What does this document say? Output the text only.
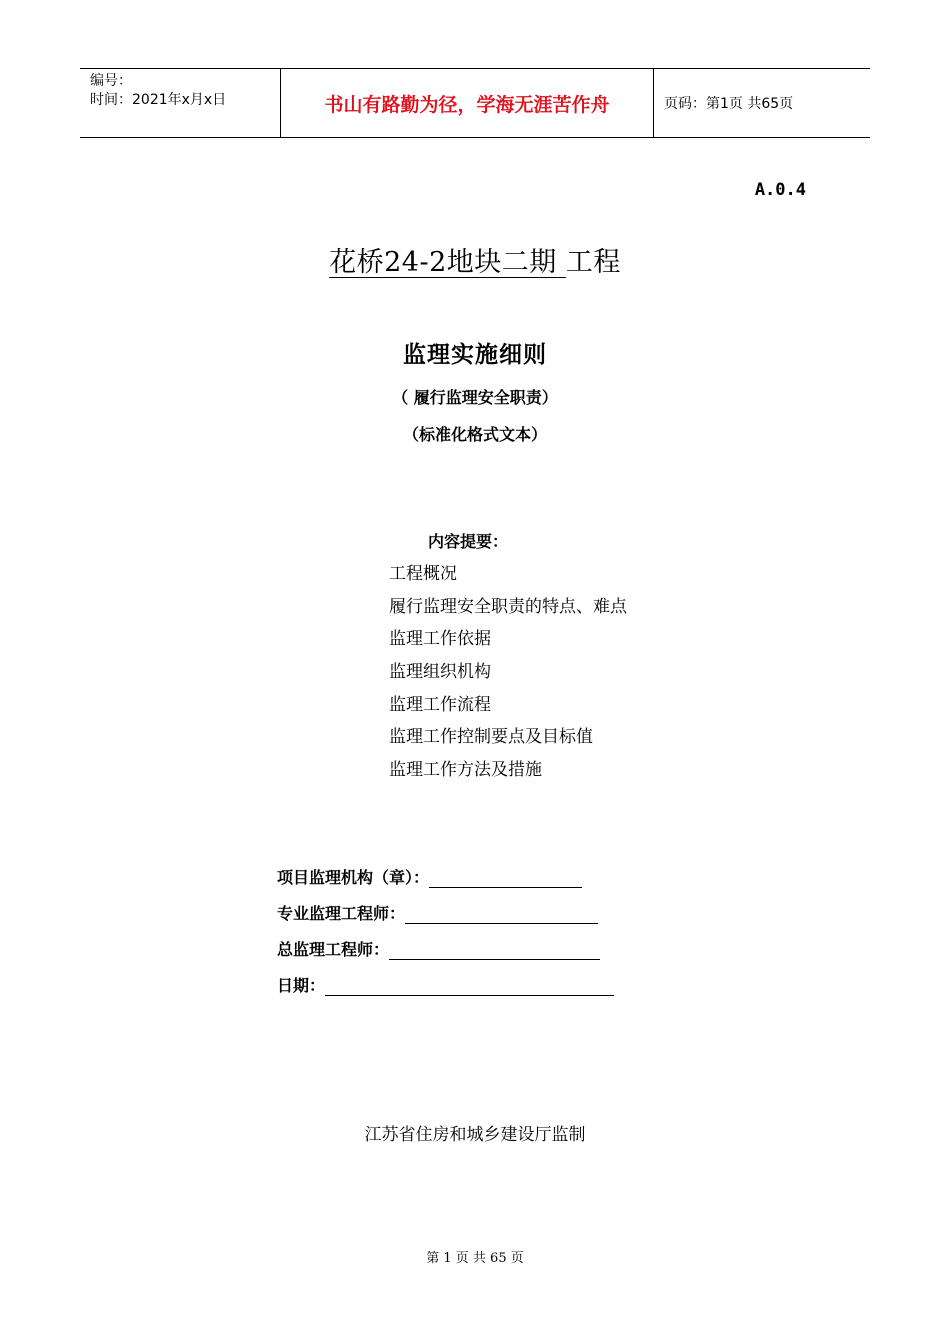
编号：
时间：2021年x月x日	书山有路勤为径，学海无涯苦作舟	页码：第1页 共65页
A.0.4
花桥24-2地块二期 工程
监理实施细则
（ 履行监理安全职责）
（标准化格式文本）
内容提要：
工程概况
履行监理安全职责的特点、难点
监理工作依据
监理组织机构
监理工作流程
监理工作控制要点及目标值
监理工作方法及措施
项目监理机构（章）：
专业监理工程师：
总监理工程师：
日期：
江苏省住房和城乡建设厅监制
第 1 页 共 65 页
